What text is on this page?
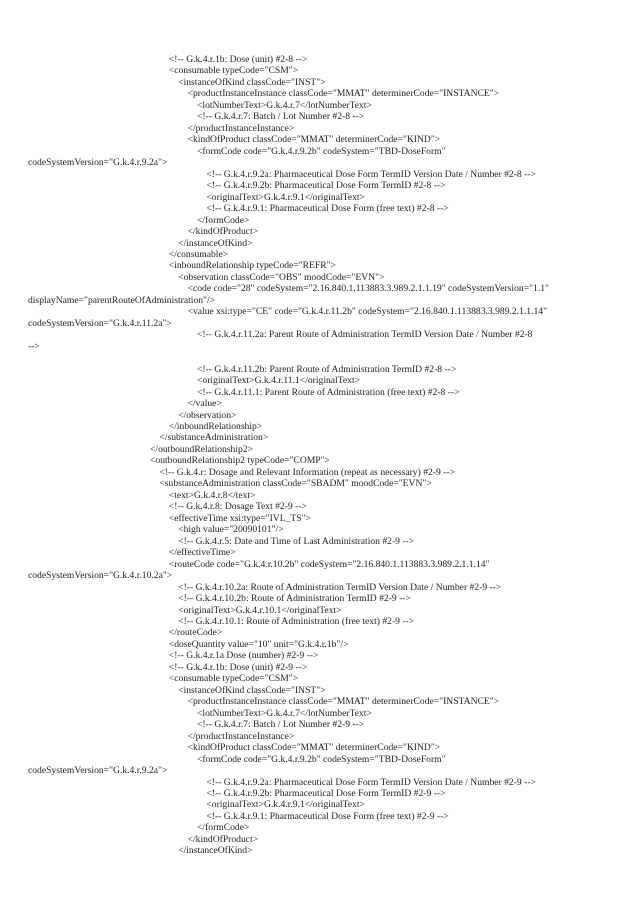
<!-- G.k.4.r.1b: Dose (unit) #2-8 -->
<consumable typeCode="CSM">
<instanceOfKind classCode="INST">
<productInstanceInstance classCode="MMAT" determinerCode="INSTANCE">
<lotNumberText>G.k.4.r.7</lotNumberText>
<!-- G.k.4.r.7: Batch / Lot Number #2-8 -->
</productInstanceInstance>
<kindOfProduct classCode="MMAT" determinerCode="KIND">
<formCode code="G.k.4.r.9.2b" codeSystem="TBD-DoseForm"
codeSystemVersion="G.k.4.r.9.2a">
<!-- G.k.4.r.9.2a: Pharmaceutical Dose Form TermID Version Date / Number #2-8 -->
<!-- G.k.4.r.9.2b: Pharmaceutical Dose Form TermID #2-8 -->
<originalText>G.k.4.r.9.1</originalText>
<!-- G.k.4.r.9.1: Pharmaceutical Dose Form (free text) #2-8 -->
</formCode>
</kindOfProduct>
</instanceOfKind>
</consumable>
<inboundRelationship typeCode="REFR">
<observation classCode="OBS" moodCode="EVN">
<code code="28" codeSystem="2.16.840.1.113883.3.989.2.1.1.19" codeSystemVersion="1.1"
displayName="parentRouteOfAdministration"/>
<value xsi:type="CE" code="G.k.4.r.11.2b" codeSystem="2.16.840.1.113883.3.989.2.1.1.14"
codeSystemVersion="G.k.4.r.11.2a">
<!-- G.k.4.r.11.2a: Parent Route of Administration TermID Version Date / Number #2-8
-->
<!-- G.k.4.r.11.2b: Parent Route of Administration TermID #2-8 -->
<originalText>G.k.4.r.11.1</originalText>
<!-- G.k.4.r.11.1: Parent Route of Administration (free text) #2-8 -->
</value>
</observation>
</inboundRelationship>
</substanceAdministration>
</outboundRelationship2>
<outboundRelationship2 typeCode="COMP">
<!-- G.k.4.r: Dosage and Relevant Information (repeat as necessary) #2-9 -->
<substanceAdministration classCode="SBADM" moodCode="EVN">
<text>G.k.4.r.8</text>
<!-- G.k.4.r.8: Dosage Text #2-9 -->
<effectiveTime xsi:type="IVL_TS">
<high value="20090101"/>
<!-- G.k.4.r.5: Date and Time of Last Administration #2-9 -->
</effectiveTime>
<routeCode code="G.k.4.r.10.2b" codeSystem="2.16.840.1.113883.3.989.2.1.1.14"
codeSystemVersion="G.k.4.r.10.2a">
<!-- G.k.4.r.10.2a: Route of Administration TermID Version Date / Number #2-9 -->
<!-- G.k.4.r.10.2b: Route of Administration TermID #2-9 -->
<originalText>G.k.4.r.10.1</originalText>
<!-- G.k.4.r.10.1: Route of Administration (free text) #2-9 -->
</routeCode>
<doseQuantity value="10" unit="G.k.4.r.1b"/>
<!-- G.k.4.r.1a Dose (number) #2-9 -->
<!-- G.k.4.r.1b: Dose (unit) #2-9 -->
<consumable typeCode="CSM">
<instanceOfKind classCode="INST">
<productInstanceInstance classCode="MMAT" determinerCode="INSTANCE">
<lotNumberText>G.k.4.r.7</lotNumberText>
<!-- G.k.4.r.7: Batch / Lot Number #2-9 -->
</productInstanceInstance>
<kindOfProduct classCode="MMAT" determinerCode="KIND">
<formCode code="G.k.4.r.9.2b" codeSystem="TBD-DoseForm"
codeSystemVersion="G.k.4.r.9.2a">
<!-- G.k.4.r.9.2a: Pharmaceutical Dose Form TermID Version Date / Number #2-9 -->
<!-- G.k.4.r.9.2b: Pharmaceutical Dose Form TermID #2-9 -->
<originalText>G.k.4.r.9.1</originalText>
<!-- G.k.4.r.9.1: Pharmaceutical Dose Form (free text) #2-9 -->
</formCode>
</kindOfProduct>
</instanceOfKind>
